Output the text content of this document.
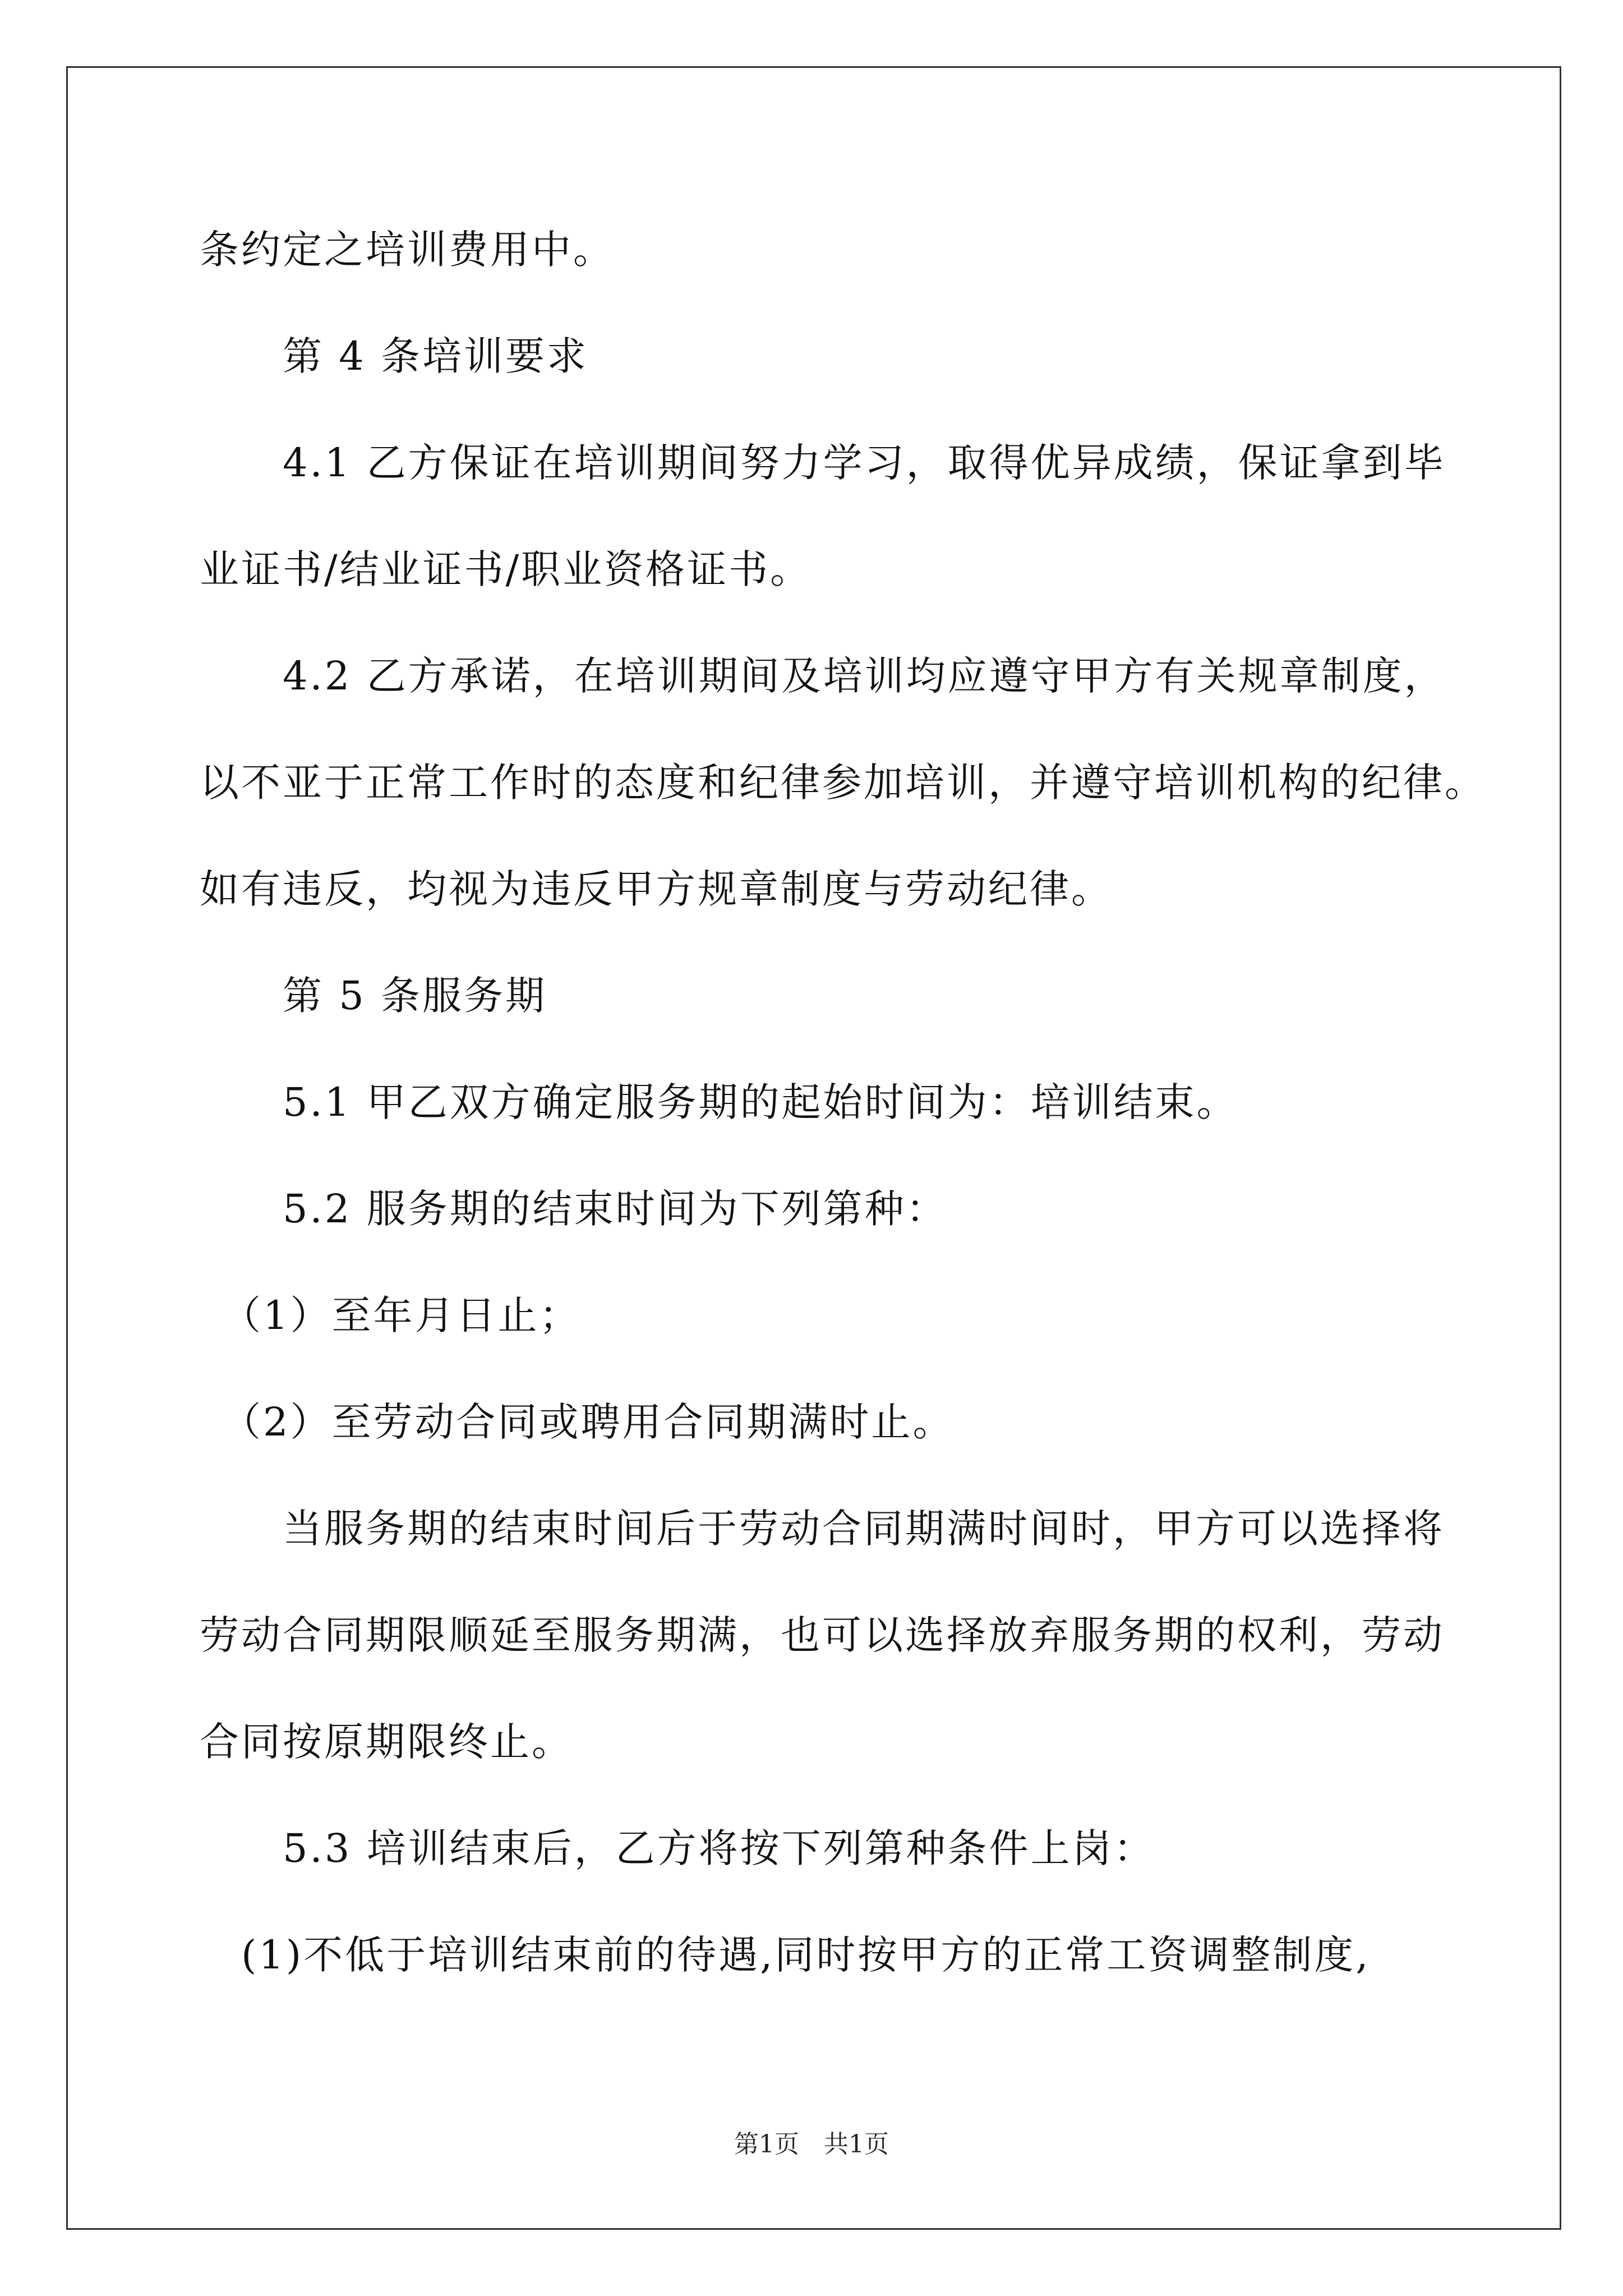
条约定之培训费用中。

　　第 4 条培训要求

　　4.1 乙方保证在培训期间努力学习，取得优异成绩，保证拿到毕

业证书/结业证书/职业资格证书。

　　4.2 乙方承诺，在培训期间及培训均应遵守甲方有关规章制度，

以不亚于正常工作时的态度和纪律参加培训，并遵守培训机构的纪律。

如有违反，均视为违反甲方规章制度与劳动纪律。

　　第 5 条服务期

　　5.1 甲乙双方确定服务期的起始时间为：培训结束。

　　5.2 服务期的结束时间为下列第种：

　（1）至年月日止；

　（2）至劳动合同或聘用合同期满时止。

　　当服务期的结束时间后于劳动合同期满时间时，甲方可以选择将

劳动合同期限顺延至服务期满，也可以选择放弃服务期的权利，劳动

合同按原期限终止。

　　5.3 培训结束后，乙方将按下列第种条件上岗：

　(1)不低于培训结束前的待遇,同时按甲方的正常工资调整制度,

第1页　共1页
